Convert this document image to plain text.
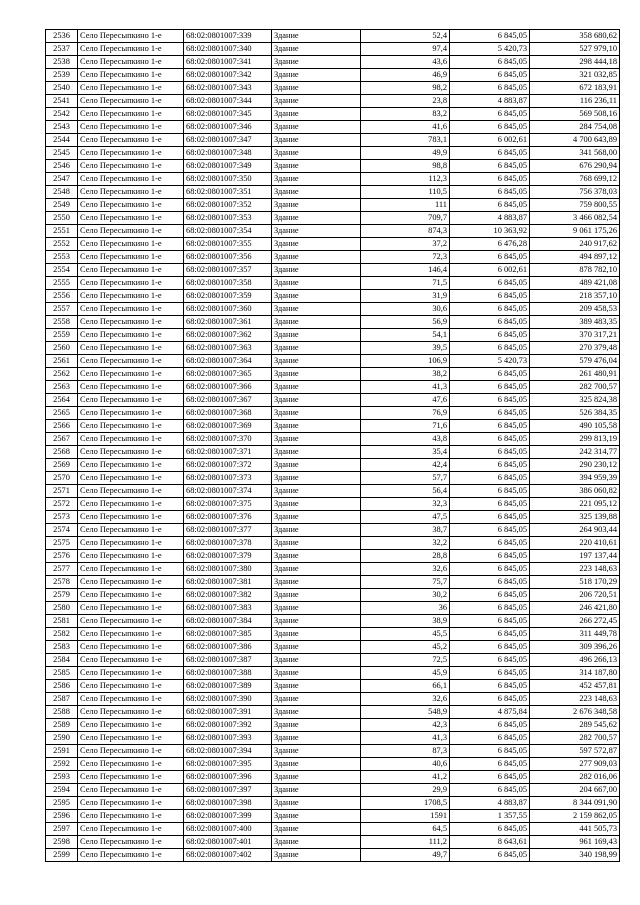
2536	Село Пересыпкино 1-е	68:02:0801007:339	Здание	52,4	6 845,05	358 680,62
2537	Село Пересыпкино 1-е	68:02:0801007:340	Здание	97,4	5 420,73	527 979,10
2538	Село Пересыпкино 1-е	68:02:0801007:341	Здание	43,6	6 845,05	298 444,18
2539	Село Пересыпкино 1-е	68:02:0801007:342	Здание	46,9	6 845,05	321 032,85
2540	Село Пересыпкино 1-е	68:02:0801007:343	Здание	98,2	6 845,05	672 183,91
2541	Село Пересыпкино 1-е	68:02:0801007:344	Здание	23,8	4 883,87	116 236,11
2542	Село Пересыпкино 1-е	68:02:0801007:345	Здание	83,2	6 845,05	569 508,16
2543	Село Пересыпкино 1-е	68:02:0801007:346	Здание	41,6	6 845,05	284 754,08
2544	Село Пересыпкино 1-е	68:02:0801007:347	Здание	783,1	6 002,61	4 700 643,89
2545	Село Пересыпкино 1-е	68:02:0801007:348	Здание	49,9	6 845,05	341 568,00
2546	Село Пересыпкино 1-е	68:02:0801007:349	Здание	98,8	6 845,05	676 290,94
2547	Село Пересыпкино 1-е	68:02:0801007:350	Здание	112,3	6 845,05	768 699,12
2548	Село Пересыпкино 1-е	68:02:0801007:351	Здание	110,5	6 845,05	756 378,03
2549	Село Пересыпкино 1-е	68:02:0801007:352	Здание	111	6 845,05	759 800,55
2550	Село Пересыпкино 1-е	68:02:0801007:353	Здание	709,7	4 883,87	3 466 082,54
2551	Село Пересыпкино 1-е	68:02:0801007:354	Здание	874,3	10 363,92	9 061 175,26
2552	Село Пересыпкино 1-е	68:02:0801007:355	Здание	37,2	6 476,28	240 917,62
2553	Село Пересыпкино 1-е	68:02:0801007:356	Здание	72,3	6 845,05	494 897,12
2554	Село Пересыпкино 1-е	68:02:0801007:357	Здание	146,4	6 002,61	878 782,10
2555	Село Пересыпкино 1-е	68:02:0801007:358	Здание	71,5	6 845,05	489 421,08
2556	Село Пересыпкино 1-е	68:02:0801007:359	Здание	31,9	6 845,05	218 357,10
2557	Село Пересыпкино 1-е	68:02:0801007:360	Здание	30,6	6 845,05	209 458,53
2558	Село Пересыпкино 1-е	68:02:0801007:361	Здание	56,9	6 845,05	389 483,35
2559	Село Пересыпкино 1-е	68:02:0801007:362	Здание	54,1	6 845,05	370 317,21
2560	Село Пересыпкино 1-е	68:02:0801007:363	Здание	39,5	6 845,05	270 379,48
2561	Село Пересыпкино 1-е	68:02:0801007:364	Здание	106,9	5 420,73	579 476,04
2562	Село Пересыпкино 1-е	68:02:0801007:365	Здание	38,2	6 845,05	261 480,91
2563	Село Пересыпкино 1-е	68:02:0801007:366	Здание	41,3	6 845,05	282 700,57
2564	Село Пересыпкино 1-е	68:02:0801007:367	Здание	47,6	6 845,05	325 824,38
2565	Село Пересыпкино 1-е	68:02:0801007:368	Здание	76,9	6 845,05	526 384,35
2566	Село Пересыпкино 1-е	68:02:0801007:369	Здание	71,6	6 845,05	490 105,58
2567	Село Пересыпкино 1-е	68:02:0801007:370	Здание	43,8	6 845,05	299 813,19
2568	Село Пересыпкино 1-е	68:02:0801007:371	Здание	35,4	6 845,05	242 314,77
2569	Село Пересыпкино 1-е	68:02:0801007:372	Здание	42,4	6 845,05	290 230,12
2570	Село Пересыпкино 1-е	68:02:0801007:373	Здание	57,7	6 845,05	394 959,39
2571	Село Пересыпкино 1-е	68:02:0801007:374	Здание	56,4	6 845,05	386 060,82
2572	Село Пересыпкино 1-е	68:02:0801007:375	Здание	32,3	6 845,05	221 095,12
2573	Село Пересыпкино 1-е	68:02:0801007:376	Здание	47,5	6 845,05	325 139,88
2574	Село Пересыпкино 1-е	68:02:0801007:377	Здание	38,7	6 845,05	264 903,44
2575	Село Пересыпкино 1-е	68:02:0801007:378	Здание	32,2	6 845,05	220 410,61
2576	Село Пересыпкино 1-е	68:02:0801007:379	Здание	28,8	6 845,05	197 137,44
2577	Село Пересыпкино 1-е	68:02:0801007:380	Здание	32,6	6 845,05	223 148,63
2578	Село Пересыпкино 1-е	68:02:0801007:381	Здание	75,7	6 845,05	518 170,29
2579	Село Пересыпкино 1-е	68:02:0801007:382	Здание	30,2	6 845,05	206 720,51
2580	Село Пересыпкино 1-е	68:02:0801007:383	Здание	36	6 845,05	246 421,80
2581	Село Пересыпкино 1-е	68:02:0801007:384	Здание	38,9	6 845,05	266 272,45
2582	Село Пересыпкино 1-е	68:02:0801007:385	Здание	45,5	6 845,05	311 449,78
2583	Село Пересыпкино 1-е	68:02:0801007:386	Здание	45,2	6 845,05	309 396,26
2584	Село Пересыпкино 1-е	68:02:0801007:387	Здание	72,5	6 845,05	496 266,13
2585	Село Пересыпкино 1-е	68:02:0801007:388	Здание	45,9	6 845,05	314 187,80
2586	Село Пересыпкино 1-е	68:02:0801007:389	Здание	66,1	6 845,05	452 457,81
2587	Село Пересыпкино 1-е	68:02:0801007:390	Здание	32,6	6 845,05	223 148,63
2588	Село Пересыпкино 1-е	68:02:0801007:391	Здание	548,9	4 875,84	2 676 348,58
2589	Село Пересыпкино 1-е	68:02:0801007:392	Здание	42,3	6 845,05	289 545,62
2590	Село Пересыпкино 1-е	68:02:0801007:393	Здание	41,3	6 845,05	282 700,57
2591	Село Пересыпкино 1-е	68:02:0801007:394	Здание	87,3	6 845,05	597 572,87
2592	Село Пересыпкино 1-е	68:02:0801007:395	Здание	40,6	6 845,05	277 909,03
2593	Село Пересыпкино 1-е	68:02:0801007:396	Здание	41,2	6 845,05	282 016,06
2594	Село Пересыпкино 1-е	68:02:0801007:397	Здание	29,9	6 845,05	204 667,00
2595	Село Пересыпкино 1-е	68:02:0801007:398	Здание	1708,5	4 883,87	8 344 091,90
2596	Село Пересыпкино 1-е	68:02:0801007:399	Здание	1591	1 357,55	2 159 862,05
2597	Село Пересыпкино 1-е	68:02:0801007:400	Здание	64,5	6 845,05	441 505,73
2598	Село Пересыпкино 1-е	68:02:0801007:401	Здание	111,2	8 643,61	961 169,43
2599	Село Пересыпкино 1-е	68:02:0801007:402	Здание	49,7	6 845,05	340 198,99
